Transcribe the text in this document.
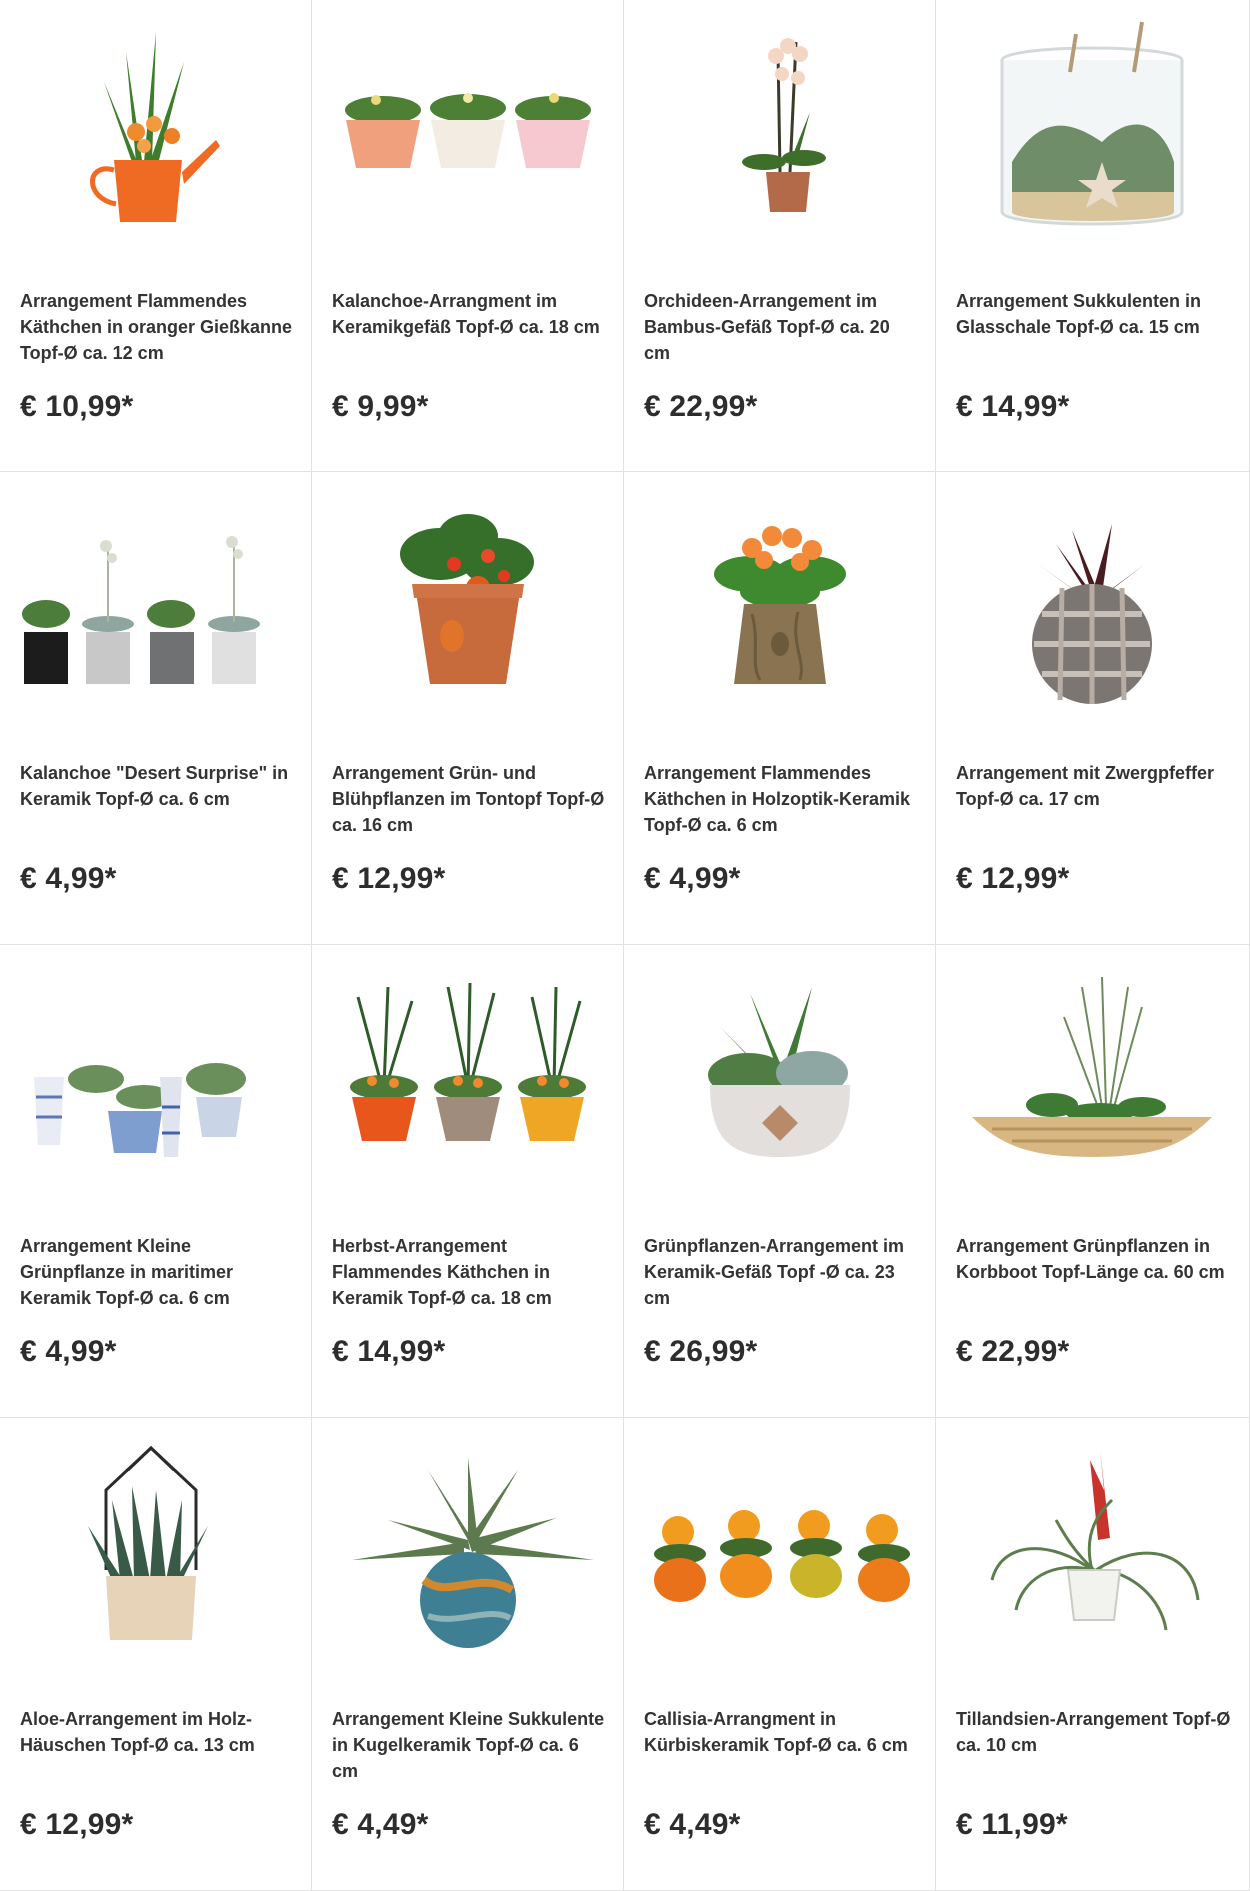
Arrangement Flammendes Käthchen in oranger Gießkanne Topf-Ø ca. 12 cm
€ 10,99*
Kalanchoe-Arrangment im Keramikgefäß Topf-Ø ca. 18 cm
€ 9,99*
Orchideen-Arrangement im Bambus-Gefäß Topf-Ø ca. 20 cm
€ 22,99*
Arrangement Sukkulenten in Glasschale Topf-Ø ca. 15 cm
€ 14,99*
Kalanchoe "Desert Surprise" in Keramik Topf-Ø ca. 6 cm
€ 4,99*
Arrangement Grün- und Blühpflanzen im Tontopf Topf-Ø ca. 16 cm
€ 12,99*
Arrangement Flammendes Käthchen in Holzoptik-Keramik Topf-Ø ca. 6 cm
€ 4,99*
Arrangement mit Zwergpfeffer Topf-Ø ca. 17 cm
€ 12,99*
Arrangement Kleine Grünpflanze in maritimer Keramik Topf-Ø ca. 6 cm
€ 4,99*
Herbst-Arrangement Flammendes Käthchen in Keramik Topf-Ø ca. 18 cm
€ 14,99*
Grünpflanzen-Arrangement im Keramik-Gefäß Topf -Ø ca. 23 cm
€ 26,99*
Arrangement Grünpflanzen in Korbboot Topf-Länge ca. 60 cm
€ 22,99*
Aloe-Arrangement im Holz-Häuschen Topf-Ø ca. 13 cm
€ 12,99*
Arrangement Kleine Sukkulente in Kugelkeramik Topf-Ø ca. 6 cm
€ 4,49*
Callisia-Arrangment in Kürbiskeramik Topf-Ø ca. 6 cm
€ 4,49*
Tillandsien-Arrangement Topf-Ø ca. 10 cm
€ 11,99*
